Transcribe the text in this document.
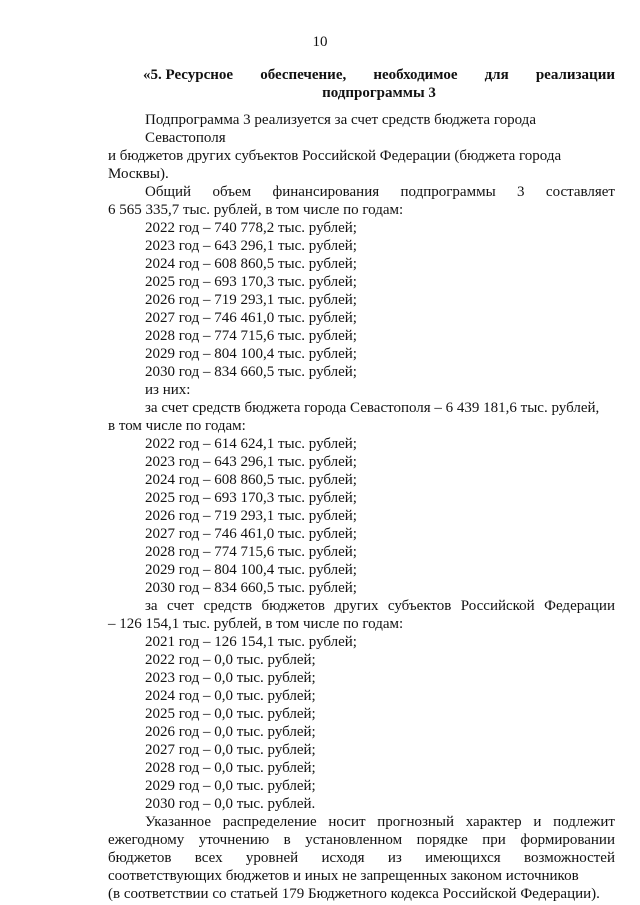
10
«5. Ресурсное обеспечение, необходимое для реализации
подпрограммы 3
Подпрограмма 3 реализуется за счет средств бюджета города Севастополя
и бюджетов других субъектов Российской Федерации (бюджета города Москвы).
Общий объем финансирования подпрограммы 3 составляет
6 565 335,7 тыс. рублей, в том числе по годам:
2022 год – 740 778,2 тыс. рублей;
2023 год – 643 296,1 тыс. рублей;
2024 год – 608 860,5 тыс. рублей;
2025 год – 693 170,3 тыс. рублей;
2026 год – 719 293,1 тыс. рублей;
2027 год – 746 461,0 тыс. рублей;
2028 год – 774 715,6 тыс. рублей;
2029 год – 804 100,4 тыс. рублей;
2030 год – 834 660,5 тыс. рублей;
из них:
за счет средств бюджета города Севастополя – 6 439 181,6 тыс. рублей,
в том числе по годам:
2022 год – 614 624,1 тыс. рублей;
2023 год – 643 296,1 тыс. рублей;
2024 год – 608 860,5 тыс. рублей;
2025 год – 693 170,3 тыс. рублей;
2026 год – 719 293,1 тыс. рублей;
2027 год – 746 461,0 тыс. рублей;
2028 год – 774 715,6 тыс. рублей;
2029 год – 804 100,4 тыс. рублей;
2030 год – 834 660,5 тыс. рублей;
за счет средств бюджетов других субъектов Российской Федерации
– 126 154,1 тыс. рублей, в том числе по годам:
2021 год – 126 154,1 тыс. рублей;
2022 год – 0,0 тыс. рублей;
2023 год – 0,0 тыс. рублей;
2024 год – 0,0 тыс. рублей;
2025 год – 0,0 тыс. рублей;
2026 год – 0,0 тыс. рублей;
2027 год – 0,0 тыс. рублей;
2028 год – 0,0 тыс. рублей;
2029 год – 0,0 тыс. рублей;
2030 год – 0,0 тыс. рублей.
Указанное распределение носит прогнозный характер и подлежит
ежегодному уточнению в установленном порядке при формировании
бюджетов всех уровней исходя из имеющихся возможностей
соответствующих бюджетов и иных не запрещенных законом источников
(в соответствии со статьей 179 Бюджетного кодекса Российской Федерации).
